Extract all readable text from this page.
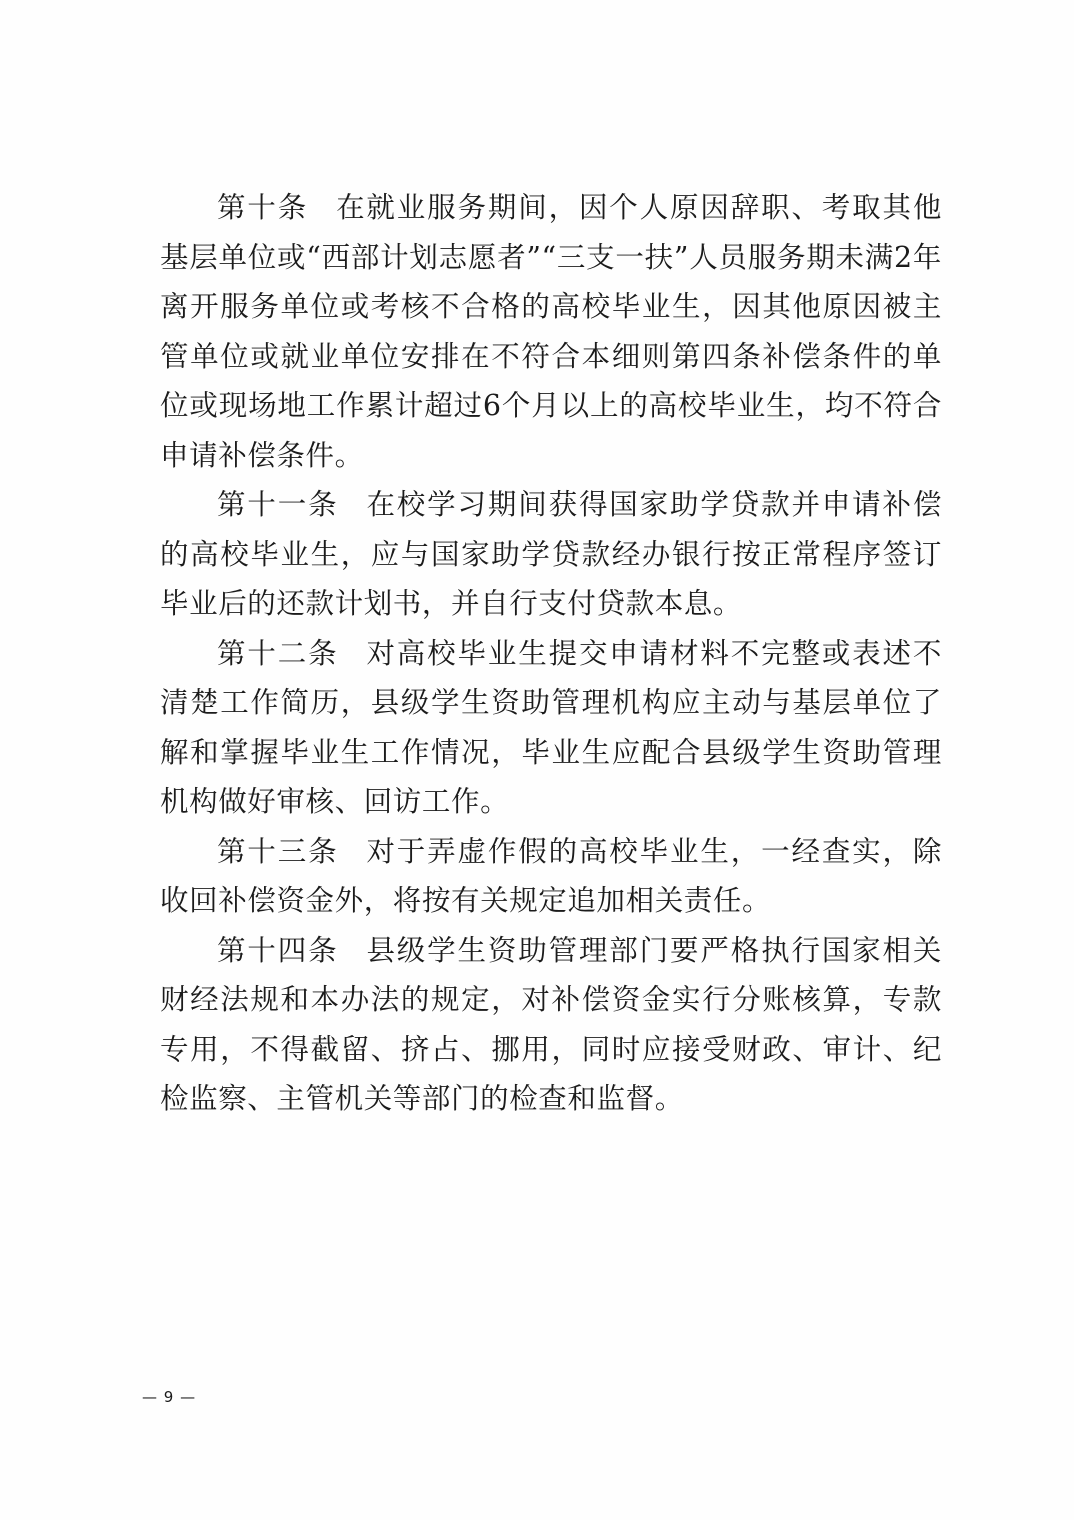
第十条 在就业服务期间，因个人原因辞职、考取其他基层单位或“西部计划志愿者”“三支一扶”人员服务期未满2年离开服务单位或考核不合格的高校毕业生，因其他原因被主管单位或就业单位安排在不符合本细则第四条补偿条件的单位或现场地工作累计超过6个月以上的高校毕业生，均不符合申请补偿条件。

第十一条 在校学习期间获得国家助学贷款并申请补偿的高校毕业生，应与国家助学贷款经办银行按正常程序签订毕业后的还款计划书，并自行支付贷款本息。

第十二条 对高校毕业生提交申请材料不完整或表述不清楚工作简历，县级学生资助管理机构应主动与基层单位了解和掌握毕业生工作情况，毕业生应配合县级学生资助管理机构做好审核、回访工作。

第十三条 对于弄虚作假的高校毕业生，一经查实，除收回补偿资金外，将按有关规定追加相关责任。

第十四条 县级学生资助管理部门要严格执行国家相关财经法规和本办法的规定，对补偿资金实行分账核算，专款专用，不得截留、挤占、挪用，同时应接受财政、审计、纪检监察、主管机关等部门的检查和监督。

— 9 —
